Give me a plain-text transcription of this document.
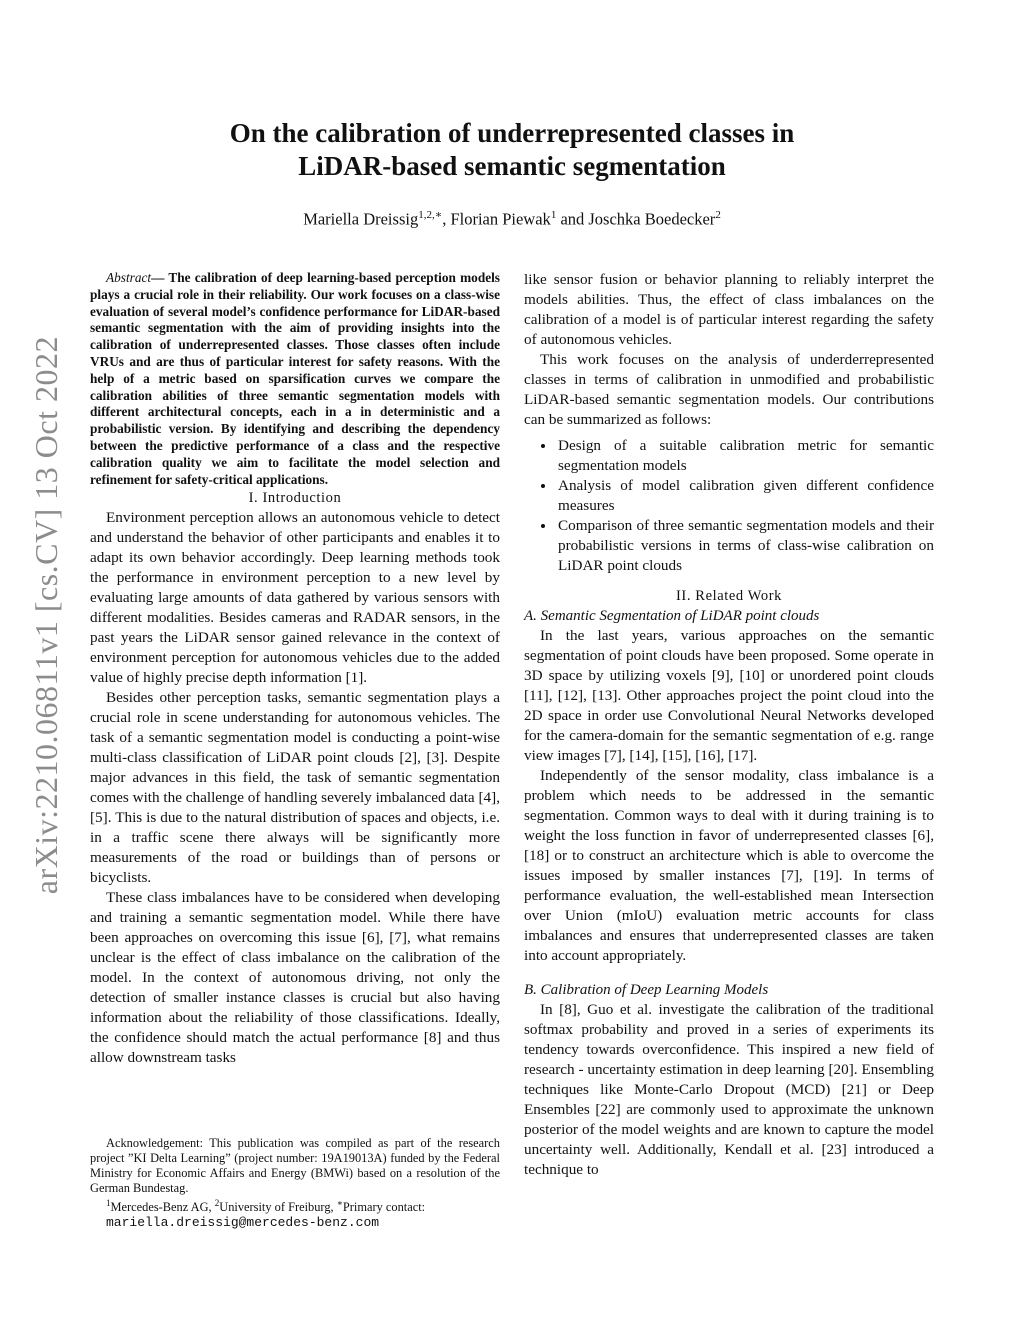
arXiv:2210.06811v1 [cs.CV] 13 Oct 2022
On the calibration of underrepresented classes in
LiDAR-based semantic segmentation

Mariella Dreissig$^{1,2,∗}$, Florian Piewak$^1$ and Joschka Boedecker$^2$

Abstract— The calibration of deep learning-based perception models plays a crucial role in their reliability. Our work focuses on a class-wise evaluation of several model’s confidence performance for LiDAR-based semantic segmentation with the aim of providing insights into the calibration of underrepresented classes. Those classes often include VRUs and are thus of particular interest for safety reasons. With the help of a metric based on sparsification curves we compare the calibration abilities of three semantic segmentation models with different architectural concepts, each in a in deterministic and a probabilistic version. By identifying and describing the dependency between the predictive performance of a class and the respective calibration quality we aim to facilitate the model selection and refinement for safety-critical applications.

I. Introduction

Environment perception allows an autonomous vehicle to detect and understand the behavior of other participants and enables it to adapt its own behavior accordingly. Deep learning methods took the performance in environment perception to a new level by evaluating large amounts of data gathered by various sensors with different modalities. Besides cameras and RADAR sensors, in the past years the LiDAR sensor gained relevance in the context of environment perception for autonomous vehicles due to the added value of highly precise depth information [1].

Besides other perception tasks, semantic segmentation plays a crucial role in scene understanding for autonomous vehicles. The task of a semantic segmentation model is conducting a point-wise multi-class classification of LiDAR point clouds [2], [3]. Despite major advances in this field, the task of semantic segmentation comes with the challenge of handling severely imbalanced data [4], [5]. This is due to the natural distribution of spaces and objects, i.e. in a traffic scene there always will be significantly more measurements of the road or buildings than of persons or bicyclists.

These class imbalances have to be considered when developing and training a semantic segmentation model. While there have been approaches on overcoming this issue [6], [7], what remains unclear is the effect of class imbalance on the calibration of the model. In the context of autonomous driving, not only the detection of smaller instance classes is crucial but also having information about the reliability of those classifications. Ideally, the confidence should match the actual performance [8] and thus allow downstream tasks

Acknowledgement: This publication was compiled as part of the research project ”KI Delta Learning” (project number: 19A19013A) funded by the Federal Ministry for Economic Affairs and Energy (BMWi) based on a resolution of the German Bundestag.

$^1$Mercedes-Benz AG, $^2$University of Freiburg, ∗Primary contact:

mariella.dreissig@mercedes-benz.com

like sensor fusion or behavior planning to reliably interpret the models abilities. Thus, the effect of class imbalances on the calibration of a model is of particular interest regarding the safety of autonomous vehicles.

This work focuses on the analysis of underderrepresented classes in terms of calibration in unmodified and probabilistic LiDAR-based semantic segmentation models. Our contributions can be summarized as follows:

• Design of a suitable calibration metric for semantic segmentation models
• Analysis of model calibration given different confidence measures
• Comparison of three semantic segmentation models and their probabilistic versions in terms of class-wise calibration on LiDAR point clouds

II. Related Work

A. Semantic Segmentation of LiDAR point clouds

In the last years, various approaches on the semantic segmentation of point clouds have been proposed. Some operate in 3D space by utilizing voxels [9], [10] or unordered point clouds [11], [12], [13]. Other approaches project the point cloud into the 2D space in order use Convolutional Neural Networks developed for the camera-domain for the semantic segmentation of e.g. range view images [7], [14], [15], [16], [17].

Independently of the sensor modality, class imbalance is a problem which needs to be addressed in the semantic segmentation. Common ways to deal with it during training is to weight the loss function in favor of underrepresented classes [6], [18] or to construct an architecture which is able to overcome the issues imposed by smaller instances [7], [19]. In terms of performance evaluation, the well-established mean Intersection over Union (mIoU) evaluation metric accounts for class imbalances and ensures that underrepresented classes are taken into account appropriately.

B. Calibration of Deep Learning Models

In [8], Guo et al. investigate the calibration of the traditional softmax probability and proved in a series of experiments its tendency towards overconfidence. This inspired a new field of research - uncertainty estimation in deep learning [20]. Ensembling techniques like Monte-Carlo Dropout (MCD) [21] or Deep Ensembles [22] are commonly used to approximate the unknown posterior of the model weights and are known to capture the model uncertainty well. Additionally, Kendall et al. [23] introduced a technique to
